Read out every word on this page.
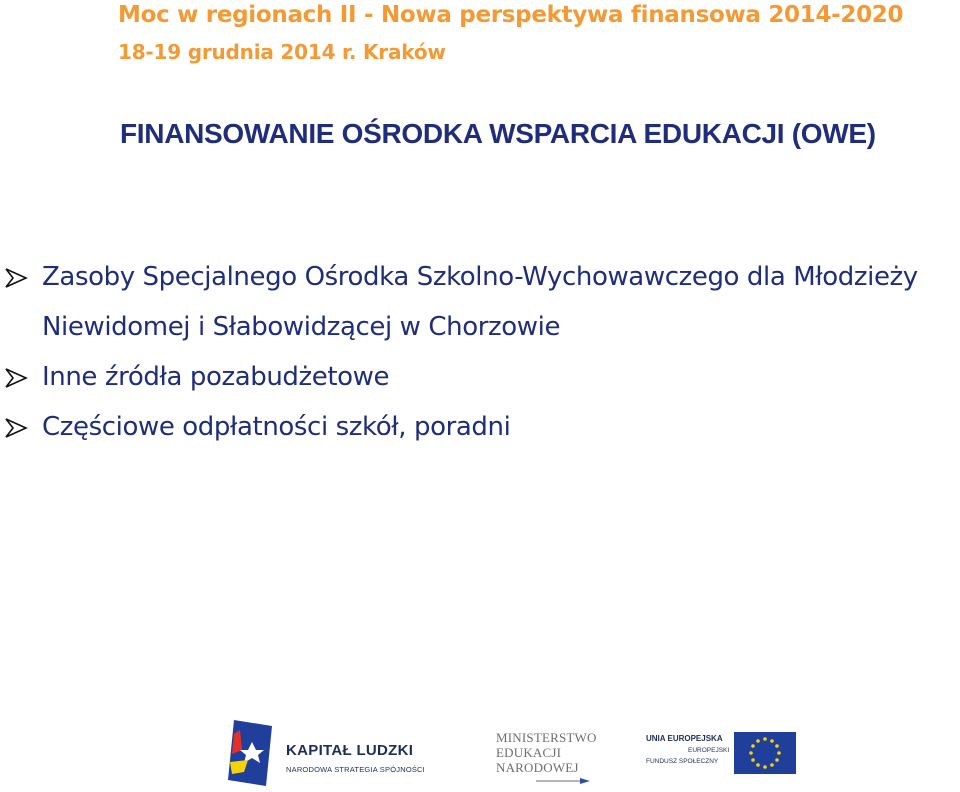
Moc w regionach II - Nowa perspektywa finansowa 2014-2020
18-19 grudnia 2014 r. Kraków
FINANSOWANIE OŚRODKA WSPARCIA EDUKACJI (OWE)
Zasoby Specjalnego Ośrodka Szkolno-Wychowawczego dla Młodzieży Niewidomej i Słabowidzącej w Chorzowie
Inne źródła pozabudżetowe
Częściowe odpłatności szkół, poradni
KAPITAŁ LUDZKI
NARODOWA STRATEGIA SPÓJNOŚCI
MINISTERSTWO
EDUKACJI
NARODOWEJ
UNIA EUROPEJSKA
EUROPEJSKI
FUNDUSZ SPOŁECZNY
